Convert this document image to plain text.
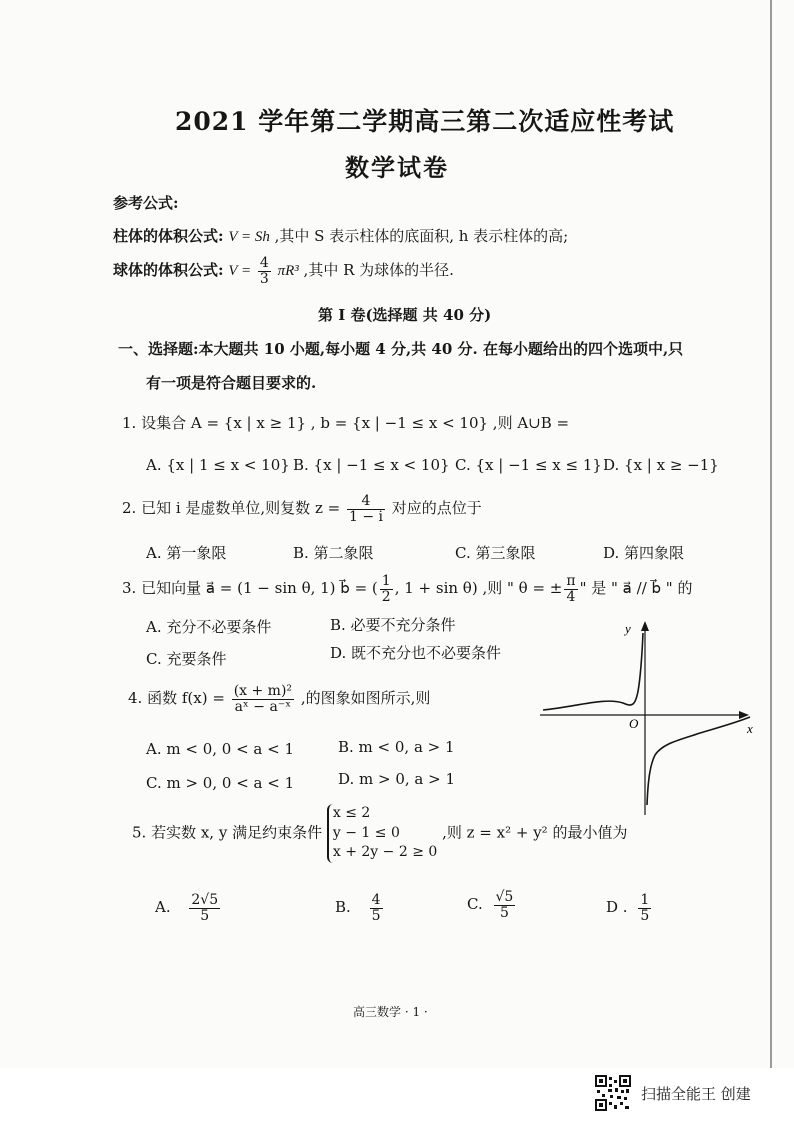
2021 学年第二学期高三第二次适应性考试
数学试卷
参考公式:
柱体的体积公式: V = Sh ,其中 S 表示柱体的底面积, h 表示柱体的高;
球体的体积公式: $V = \frac{4}{3} \pi R^3$ ,其中 R 为球体的半径.
第 I 卷(选择题 共 40 分)
一、选择题:本大题共 10 小题,每小题 4 分,共 40 分. 在每小题给出的四个选项中,只
有一项是符合题目要求的.
1. 设集合 A = {x | x ≥ 1} , b = {x | −1 ≤ x < 10} ,则 A∪B =
A. {x | 1 ≤ x < 10} B. {x | −1 ≤ x < 10} C. {x | −1 ≤ x ≤ 1} D. {x | x ≥ −1}
2. 已知 i 是虚数单位,则复数 $z = \frac{4}{1 - i}$ 对应的点位于
A. 第一象限	B. 第二象限	C. 第三象限	D. 第四象限
3. 已知向量 a⃗ = (1 − sin θ, 1) b⃗ = ( $\frac{1}{2}$ , 1 + sin θ) ,则 " θ = ± $\frac{\pi}{4}$ " 是 " a⃗ // b⃗ " 的
A. 充分不必要条件	B. 必要不充分条件
C. 充要条件	D. 既不充分也不必要条件
y
x
O
4. 函数 $f(x) = \frac{\text{(x + m)²}}{\text{aˣ − a⁻ˣ}}$ ,的图象如图所示,则
A. m < 0, 0 < a < 1	B. m < 0, a > 1
C. m > 0, 0 < a < 1	D. m > 0, a > 1
5. 若实数 x, y 满足约束条件
x ≤ 2
y − 1 ≤ 0
x + 2y − 2 ≥ 0
,则 z = x² + y² 的最小值为
A. $\frac{2√5}{5}$	B. $\frac{4}{5}$	C. $\frac{√5}{5}$	D . $\frac{1}{5}$
高三数学 · 1 ·
扫描全能王 创建
